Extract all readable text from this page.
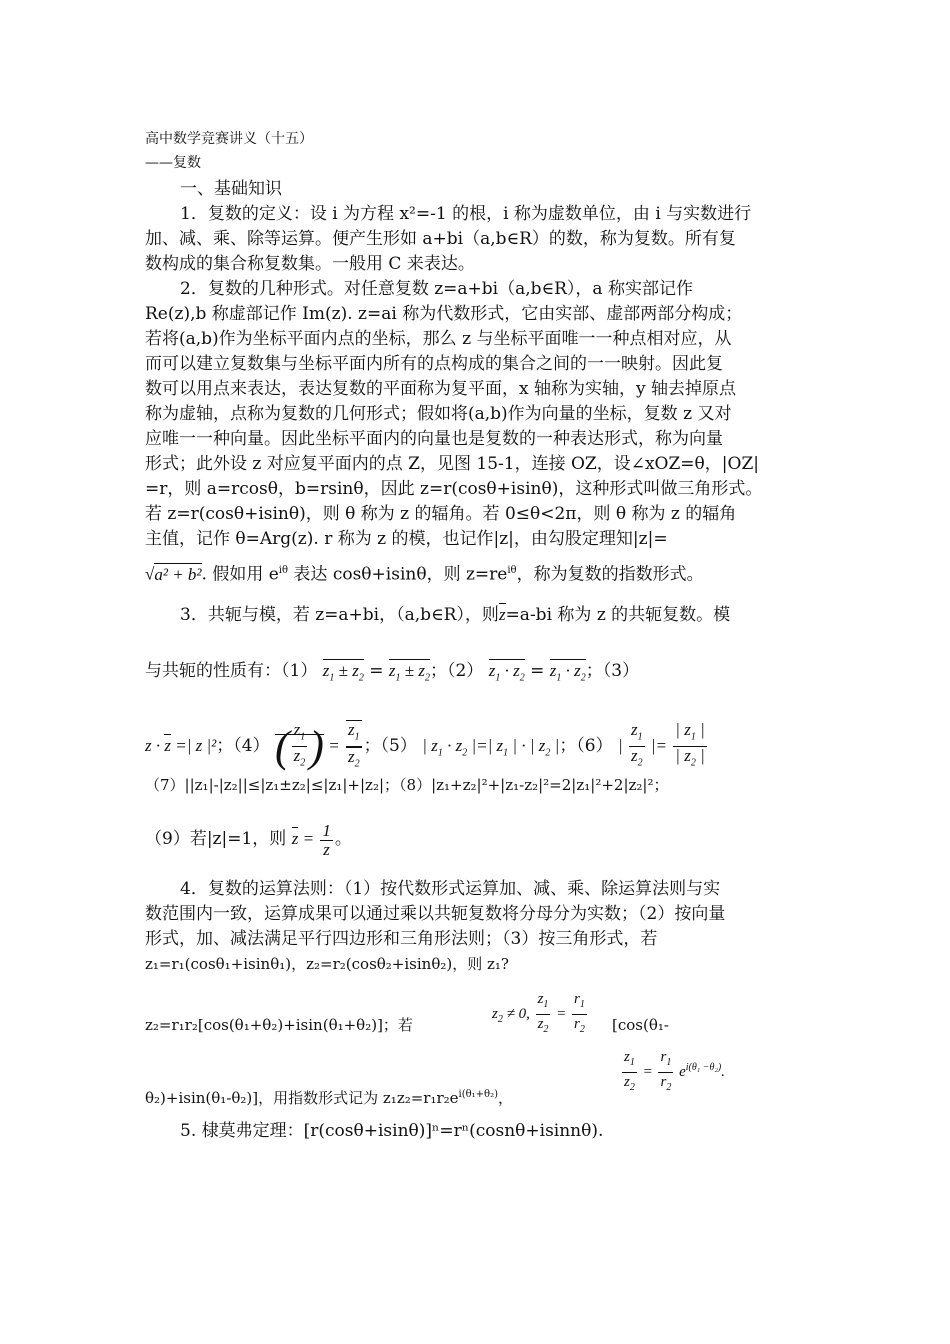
高中数学竞赛讲义（十五）
——复数
一、基础知识
1．复数的定义：设 i 为方程 x²=-1 的根，i 称为虚数单位，由 i 与实数进行
加、减、乘、除等运算。便产生形如 a+bi（a,b∈R）的数，称为复数。所有复
数构成的集合称复数集。一般用 C 来表达。
2．复数的几种形式。对任意复数 z=a+bi（a,b∈R），a 称实部记作
Re(z),b 称虚部记作 Im(z). z=ai 称为代数形式，它由实部、虚部两部分构成；
若将(a,b)作为坐标平面内点的坐标，那么 z 与坐标平面唯一一种点相对应，从
而可以建立复数集与坐标平面内所有的点构成的集合之间的一一映射。因此复
数可以用点来表达，表达复数的平面称为复平面，x 轴称为实轴，y 轴去掉原点
称为虚轴，点称为复数的几何形式；假如将(a,b)作为向量的坐标，复数 z 又对
应唯一一种向量。因此坐标平面内的向量也是复数的一种表达形式，称为向量
形式；此外设 z 对应复平面内的点 Z，见图 15-1，连接 OZ，设∠xOZ=θ，|OZ|
=r，则 a=rcosθ，b=rsinθ，因此 z=r(cosθ+isinθ)，这种形式叫做三角形式。
若 z=r(cosθ+isinθ)，则 θ 称为 z 的辐角。若 0≤θ<2π，则 θ 称为 z 的辐角
主值，记作 θ=Arg(z). r 称为 z 的模，也记作|z|，由勾股定理知|z|=
√a² + b². 假如用 $e^{i\theta}$ 表达 cosθ+isinθ，则 $z=re^{i\theta}$，称为复数的指数形式。
3．共轭与模，若 z=a+bi，（a,b∈R），则z=a-bi 称为 z 的共轭复数。模
与共轭的性质有：（1） $z_1 \pm z_2 = z_1 \pm z_2$；（2） $z_1 \cdot z_2 = z_1 \cdot z_2$；（3）
z · z =| z |²；（4） ( $\frac{z_1}{z_2}$ ) = $\frac{z_1}{z_2}$ ；（5） | $z_1 \cdot z_2$ |=| $z_1$ | · | $z_2$ |；（6） | $\frac{z_1}{z_2}$ |= $\frac{| z_1 |}{| z_2 |}$
（7）||z₁|-|z₂||≤|z₁±z₂|≤|z₁|+|z₂|；（8）|z₁+z₂|²+|z₁-z₂|²=2|z₁|²+2|z₂|²；
（9）若|z|=1，则 $z = \frac{1}{z}$ 。
4．复数的运算法则：（1）按代数形式运算加、减、乘、除运算法则与实
数范围内一致，运算成果可以通过乘以共轭复数将分母分为实数；（2）按向量
形式，加、减法满足平行四边形和三角形法则；（3）按三角形式，若
z₁=r₁(cosθ₁+isinθ₁)，z₂=r₂(cosθ₂+isinθ₂)，则 z₁?
$z_2 \ne 0$, $\frac{z_1}{z_2} = \frac{r_1}{r_2}$
z₂=r₁r₂[cos(θ₁+θ₂)+isin(θ₁+θ₂)]；若	[cos(θ₁-
$\frac{z_1}{z_2} = \frac{r_1}{r_2} e^{i(\theta_1 -\theta_2)}$.
θ₂)+isin(θ₁-θ₂)]，用指数形式记为 $z_1z_2=r_1r_2e^{i(\theta_1+\theta_2)}$，
5. 棣莫弗定理：[r(cosθ+isinθ)]ⁿ=rⁿ(cosnθ+isinnθ).
